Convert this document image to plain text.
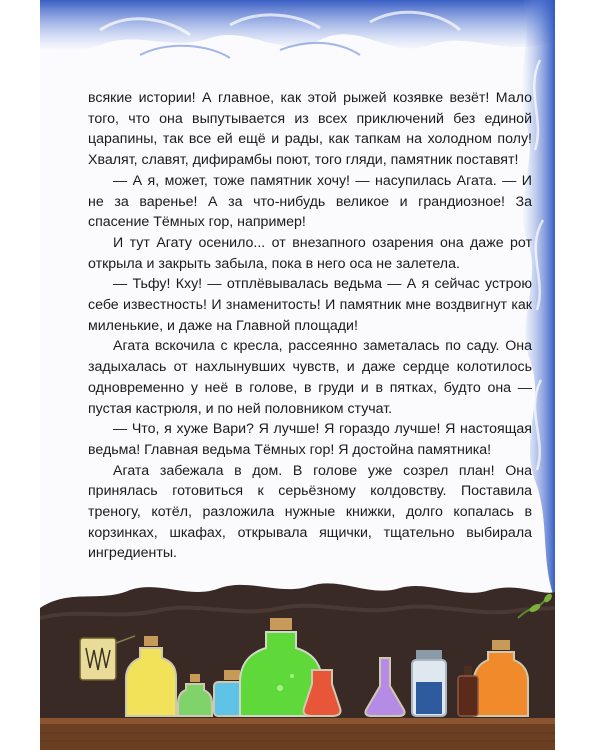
всякие истории! А главное, как этой рыжей козявке везёт! Мало того, что она выпутывается из всех приключений без единой царапины, так все ей ещё и рады, как тапкам на холодном полу! Хвалят, славят, дифирамбы поют, того гляди, памятник поставят!

— А я, может, тоже памятник хочу! — насупилась Агата. — И не за варенье! А за что-нибудь великое и грандиозное! За спасение Тёмных гор, например!

И тут Агату осенило... от внезапного озарения она даже рот открыла и закрыть забыла, пока в него оса не залетела.

— Тьфу! Кху! — отплёвывалась ведьма — А я сейчас устрою себе известность! И знаменитость! И памятник мне воздвигнут как миленькие, и даже на Главной площади!

Агата вскочила с кресла, рассеянно заметалась по саду. Она задыхалась от нахлынувших чувств, и даже сердце колотилось одновременно у неё в голове, в груди и в пятках, будто она — пустая кастрюля, и по ней половником стучат.

— Что, я хуже Вари? Я лучше! Я гораздо лучше! Я настоящая ведьма! Главная ведьма Тёмных гор! Я достойна памятника!

Агата забежала в дом. В голове уже созрел план! Она принялась готовиться к серьёзному колдовству. Поставила треногу, котёл, разложила нужные книжки, долго копалась в корзинках, шкафах, открывала ящички, тщательно выбирала ингредиенты.
